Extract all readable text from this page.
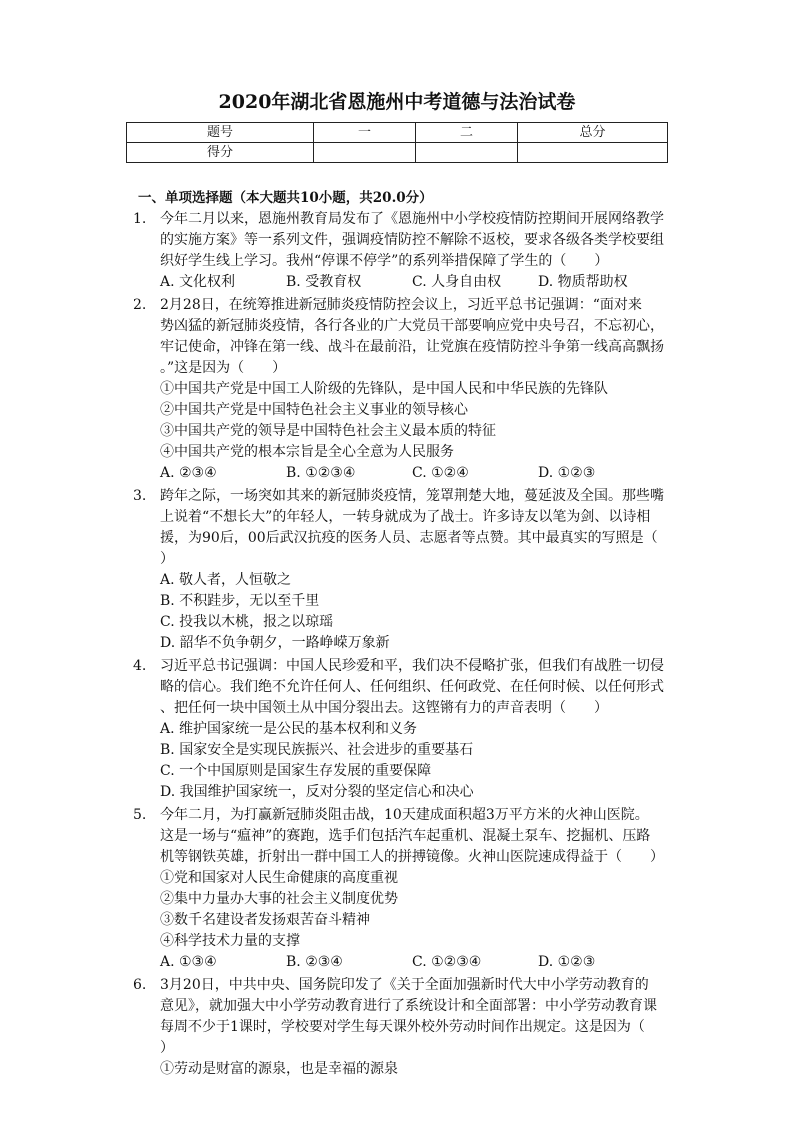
2020年湖北省恩施州中考道德与法治试卷
题号	一	二	总分
得分			
一、单项选择题（本大题共10小题，共20.0分）
1. 今年二月以来，恩施州教育局发布了《恩施州中小学校疫情防控期间开展网络教学
的实施方案》等一系列文件，强调疫情防控不解除不返校，要求各级各类学校要组
织好学生线上学习。我州“停课不停学”的系列举措保障了学生的（　　）
A. 文化权利	B. 受教育权	C. 人身自由权	D. 物质帮助权
2. 2月28日，在统筹推进新冠肺炎疫情防控会议上，习近平总书记强调：“面对来
势凶猛的新冠肺炎疫情，各行各业的广大党员干部要响应党中央号召，不忘初心，
牢记使命，冲锋在第一线、战斗在最前沿，让党旗在疫情防控斗争第一线高高飘扬
。”这是因为（　　）
①中国共产党是中国工人阶级的先锋队，是中国人民和中华民族的先锋队
②中国共产党是中国特色社会主义事业的领导核心
③中国共产党的领导是中国特色社会主义最本质的特征
④中国共产党的根本宗旨是全心全意为人民服务
A. ②③④	B. ①②③④	C. ①②④	D. ①②③
3. 跨年之际，一场突如其来的新冠肺炎疫情，笼罩荆楚大地，蔓延波及全国。那些嘴
上说着“不想长大”的年轻人，一转身就成为了战士。许多诗友以笔为剑、以诗相
援，为90后，00后武汉抗疫的医务人员、志愿者等点赞。其中最真实的写照是（
）
A. 敬人者，人恒敬之
B. 不积跬步，无以至千里
C. 投我以木桃，报之以琼瑶
D. 韶华不负争朝夕，一路峥嵘万象新
4. 习近平总书记强调：中国人民珍爱和平，我们决不侵略扩张，但我们有战胜一切侵
略的信心。我们绝不允许任何人、任何组织、任何政党、在任何时候、以任何形式
、把任何一块中国领土从中国分裂出去。这铿锵有力的声音表明（　　）
A. 维护国家统一是公民的基本权利和义务
B. 国家安全是实现民族振兴、社会进步的重要基石
C. 一个中国原则是国家生存发展的重要保障
D. 我国维护国家统一，反对分裂的坚定信心和决心
5. 今年二月，为打赢新冠肺炎阻击战，10天建成面积超3万平方米的火神山医院。
这是一场与“瘟神”的赛跑，选手们包括汽车起重机、混凝土泵车、挖掘机、压路
机等钢铁英雄，折射出一群中国工人的拼搏镜像。火神山医院速成得益于（　　）
①党和国家对人民生命健康的高度重视
②集中力量办大事的社会主义制度优势
③数千名建设者发扬艰苦奋斗精神
④科学技术力量的支撑
A. ①③④	B. ②③④	C. ①②③④	D. ①②③
6. 3月20日，中共中央、国务院印发了《关于全面加强新时代大中小学劳动教育的
意见》，就加强大中小学劳动教育进行了系统设计和全面部署：中小学劳动教育课
每周不少于1课时，学校要对学生每天课外校外劳动时间作出规定。这是因为（
）
①劳动是财富的源泉，也是幸福的源泉
